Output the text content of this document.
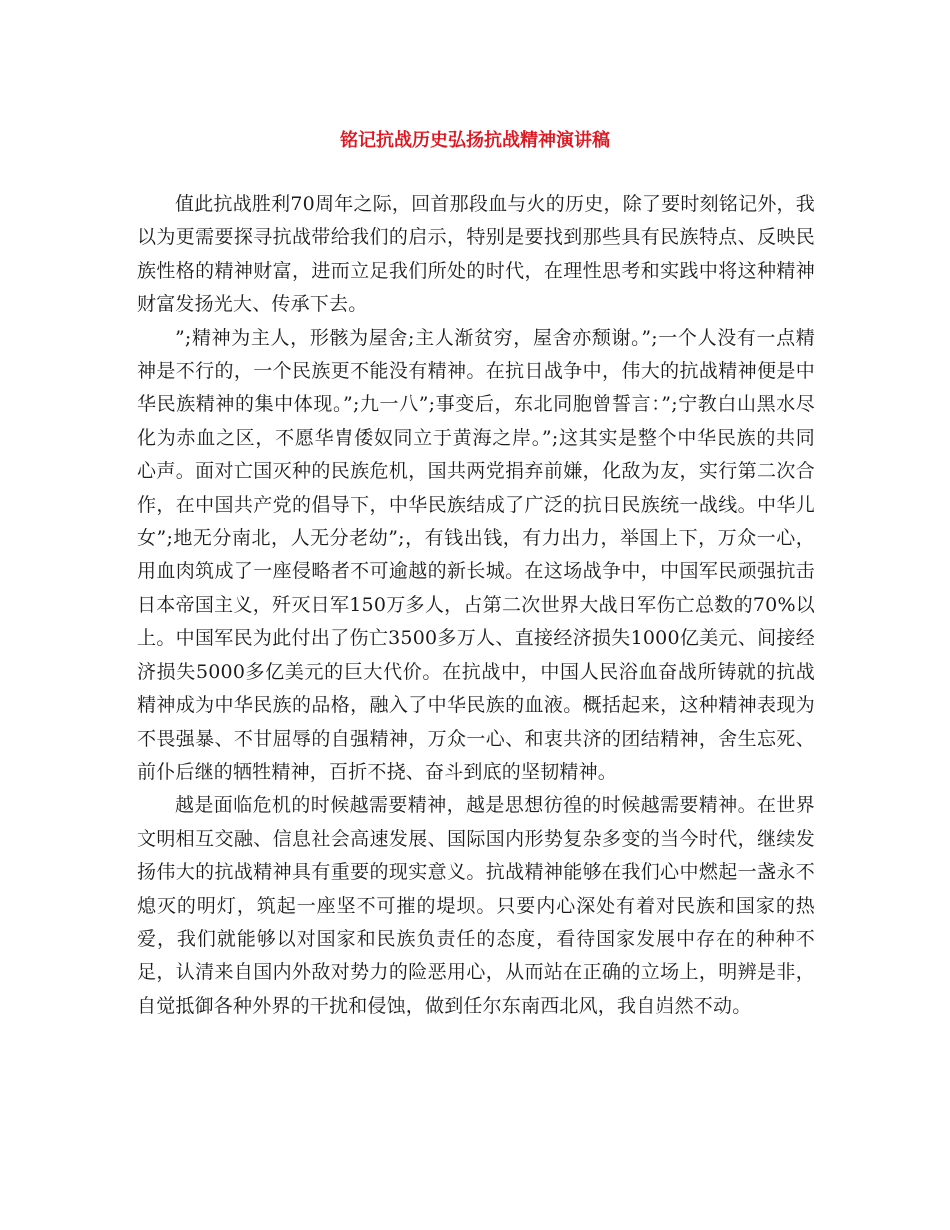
铭记抗战历史弘扬抗战精神演讲稿

值此抗战胜利70周年之际，回首那段血与火的历史，除了要时刻铭记外，我以为更需要探寻抗战带给我们的启示，特别是要找到那些具有民族特点、反映民族性格的精神财富，进而立足我们所处的时代，在理性思考和实践中将这种精神财富发扬光大、传承下去。

”;精神为主人，形骸为屋舍;主人渐贫穷，屋舍亦颓谢。”;一个人没有一点精神是不行的，一个民族更不能没有精神。在抗日战争中，伟大的抗战精神便是中华民族精神的集中体现。”;九一八”;事变后，东北同胞曾誓言：”;宁教白山黑水尽化为赤血之区，不愿华胄倭奴同立于黄海之岸。”;这其实是整个中华民族的共同心声。面对亡国灭种的民族危机，国共两党捐弃前嫌，化敌为友，实行第二次合作，在中国共产党的倡导下，中华民族结成了广泛的抗日民族统一战线。中华儿女”;地无分南北，人无分老幼”;，有钱出钱，有力出力，举国上下，万众一心，用血肉筑成了一座侵略者不可逾越的新长城。在这场战争中，中国军民顽强抗击日本帝国主义，歼灭日军150万多人，占第二次世界大战日军伤亡总数的70%以上。中国军民为此付出了伤亡3500多万人、直接经济损失1000亿美元、间接经济损失5000多亿美元的巨大代价。在抗战中，中国人民浴血奋战所铸就的抗战精神成为中华民族的品格，融入了中华民族的血液。概括起来，这种精神表现为不畏强暴、不甘屈辱的自强精神，万众一心、和衷共济的团结精神，舍生忘死、前仆后继的牺牲精神，百折不挠、奋斗到底的坚韧精神。

越是面临危机的时候越需要精神，越是思想彷徨的时候越需要精神。在世界文明相互交融、信息社会高速发展、国际国内形势复杂多变的当今时代，继续发扬伟大的抗战精神具有重要的现实意义。抗战精神能够在我们心中燃起一盏永不熄灭的明灯，筑起一座坚不可摧的堤坝。只要内心深处有着对民族和国家的热爱，我们就能够以对国家和民族负责任的态度，看待国家发展中存在的种种不足，认清来自国内外敌对势力的险恶用心，从而站在正确的立场上，明辨是非，自觉抵御各种外界的干扰和侵蚀，做到任尔东南西北风，我自岿然不动。
